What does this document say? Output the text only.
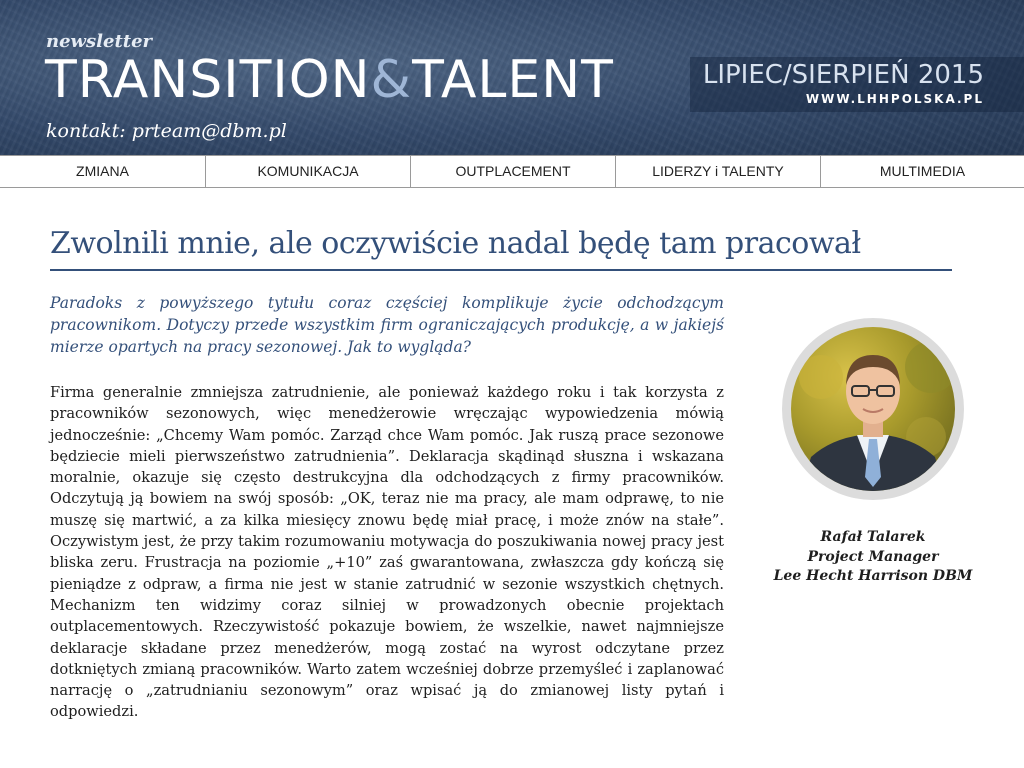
newsletter
TRANSITION&TALENT
kontakt: prteam@dbm.pl
LIPIEC/SIERPIEŃ 2015
WWW.LHHPOLSKA.PL
ZMIANA	KOMUNIKACJA	OUTPLACEMENT	LIDERZY i TALENTY	MULTIMEDIA
Zwolnili mnie, ale oczywiście nadal będę tam pracował

Paradoks z powyższego tytułu coraz częściej komplikuje życie odchodzącym pracownikom. Dotyczy przede wszystkim firm ograniczających produkcję, a w jakiejś mierze opartych na pracy sezonowej. Jak to wygląda?

Firma generalnie zmniejsza zatrudnienie, ale ponieważ każdego roku i tak korzysta z pracowników sezonowych, więc menedżerowie wręczając wypowiedzenia mówią jednocześnie: „Chcemy Wam pomóc. Zarząd chce Wam pomóc. Jak ruszą prace sezonowe będziecie mieli pierwszeństwo zatrudnienia”. Deklaracja skądinąd słuszna i wskazana moralnie, okazuje się często destrukcyjna dla odchodzących z firmy pracowników. Odczytują ją bowiem na swój sposób: „OK, teraz nie ma pracy, ale mam odprawę, to nie muszę się martwić, a za kilka miesięcy znowu będę miał pracę, i może znów na stałe”. Oczywistym jest, że przy takim rozumowaniu motywacja do poszukiwania nowej pracy jest bliska zeru. Frustracja na poziomie „+10” zaś gwarantowana, zwłaszcza gdy kończą się pieniądze z odpraw, a firma nie jest w stanie zatrudnić w sezonie wszystkich chętnych. Mechanizm ten widzimy coraz silniej w prowadzonych obecnie projektach outplacementowych. Rzeczywistość pokazuje bowiem, że wszelkie, nawet najmniejsze deklaracje składane przez menedżerów, mogą zostać na wyrost odczytane przez dotkniętych zmianą pracowników. Warto zatem wcześniej dobrze przemyśleć i zaplanować narrację o „zatrudnianiu sezonowym” oraz wpisać ją do zmianowej listy pytań i odpowiedzi.

Rafał Talarek
Project Manager
Lee Hecht Harrison DBM
